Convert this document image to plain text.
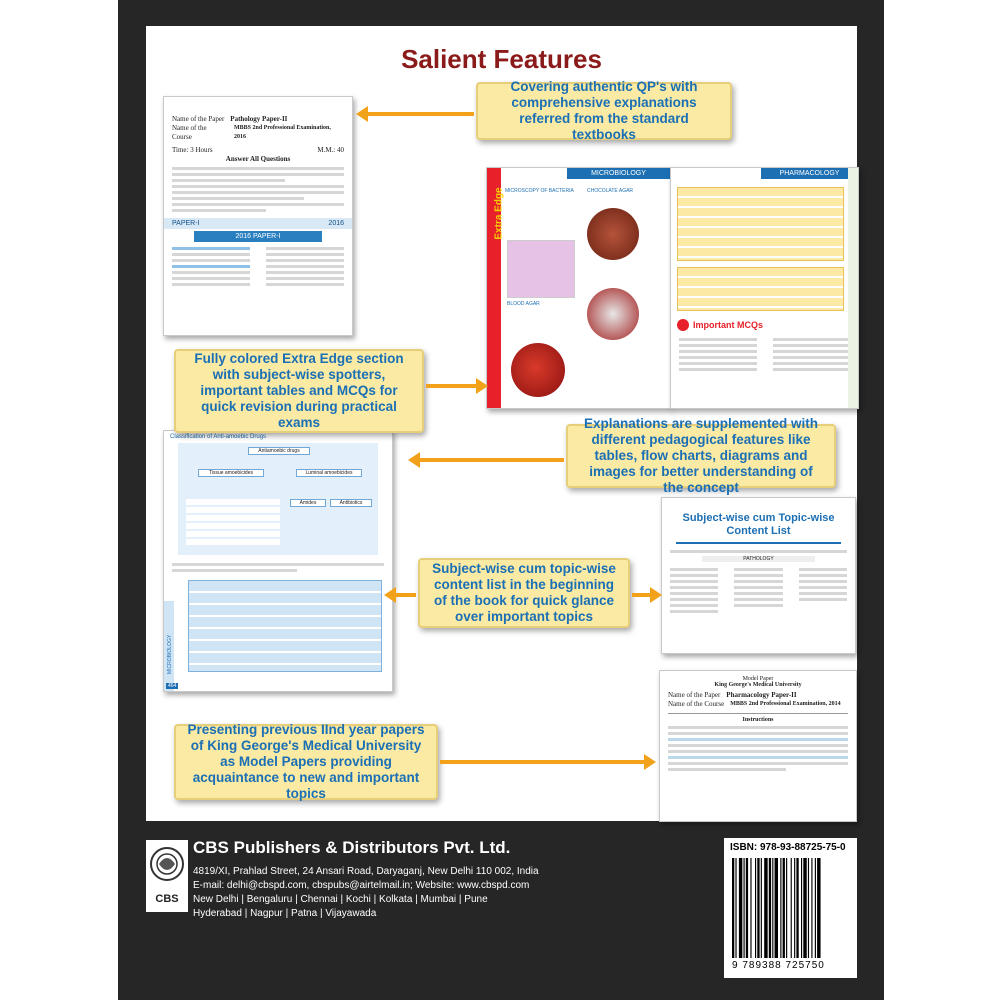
Salient Features
Name of the Paper Pathology Paper-II
Name of the Course
MBBS 2nd Professional Examination, 2016
Time: 3 Hours	M.M.: 40
Answer All Questions
PAPER-I	2016
2016 PAPER-I	Extra Edge
MICROBIOLOGY
MICROSCOPY OF BACTERIA	CHOCOLATE AGAR
BLOOD AGAR
PHARMACOLOGY
Important MCQs
Classification of Anti-amoebic Drugs
Antiamoebic drugs
Tissue amoebicides	Luminal amoebicides
Amides	Antibiotics
MICROBIOLOGY
464
Subject-wise cum Topic-wise Content List
PATHOLOGY
Model Paper
King George's Medical University
Name of the Paper Pharmacology Paper-II
Name of the Course MBBS 2nd Professional Examination, 2014
Instructions
Covering authentic QP's with comprehensive explanations referred from the standard textbooks
Fully colored Extra Edge section with subject-wise spotters, important tables and MCQs for quick revision during practical exams	Explanations are supplemented with different pedagogical features like tables, flow charts, diagrams and images for better understanding of the concept
Subject-wise cum topic-wise content list in the beginning of the book for quick glance over important topics
Presenting previous IInd year papers of King George's Medical University as Model Papers providing acquaintance to new and important topics
CBS
CBS Publishers & Distributors Pvt. Ltd.
4819/XI, Prahlad Street, 24 Ansari Road, Daryaganj, New Delhi 110 002, India
E-mail: delhi@cbspd.com, cbspubs@airtelmail.in; Website: www.cbspd.com
New Delhi | Bengaluru | Chennai | Kochi | Kolkata | Mumbai | Pune
Hyderabad | Nagpur | Patna | Vijayawada
ISBN: 978-93-88725-75-0
9 789388 725750
